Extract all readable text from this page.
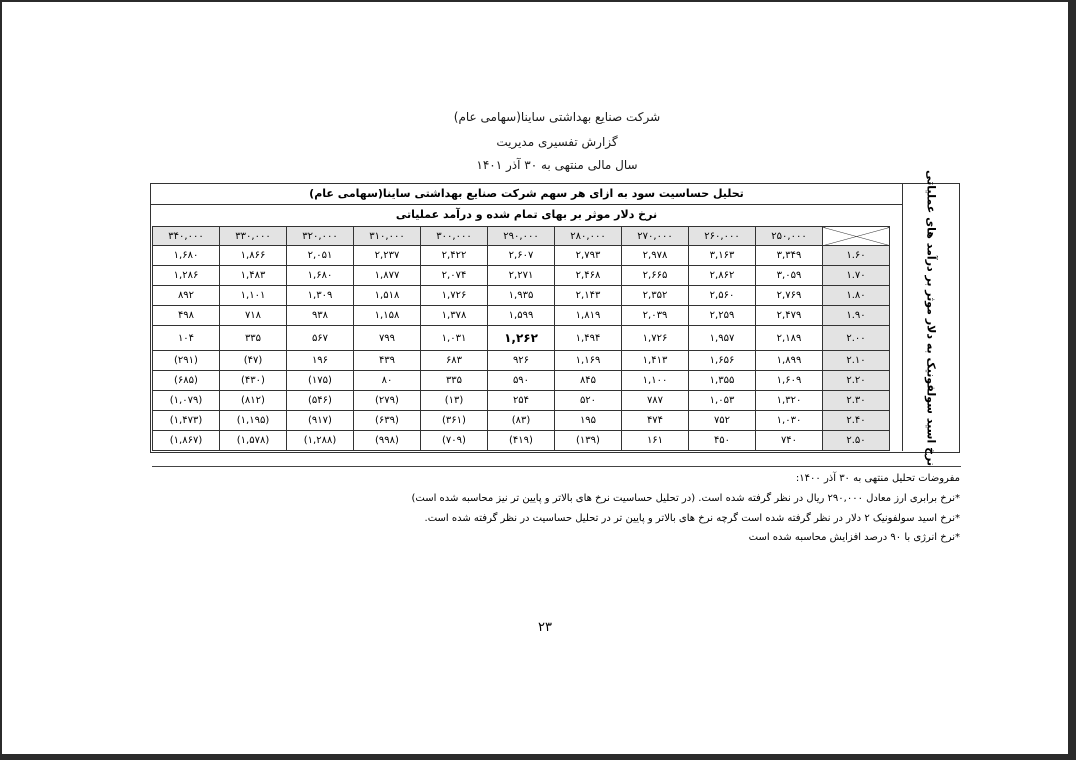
شرکت صنایع بهداشتی ساینا(سهامی عام)
گزارش تفسیری مدیریت
سال مالی منتهی به ۳۰ آذر ۱۴۰۱
نرخ اسید سولفونیک به دلار موثر بر درآمد های عملیاتی
تحلیل حساسیت سود به ازای هر سهم شرکت صنایع بهداشتی ساینا(سهامی عام)
نرخ دلار موثر بر بهای تمام شده و درآمد عملیاتی
۳۴۰,۰۰۰	۳۳۰,۰۰۰	۳۲۰,۰۰۰	۳۱۰,۰۰۰	۳۰۰,۰۰۰	۲۹۰,۰۰۰	۲۸۰,۰۰۰	۲۷۰,۰۰۰	۲۶۰,۰۰۰	۲۵۰,۰۰۰	
۱,۶۸۰	۱,۸۶۶	۲,۰۵۱	۲,۲۳۷	۲,۴۲۲	۲,۶۰۷	۲,۷۹۳	۲,۹۷۸	۳,۱۶۳	۳,۳۴۹	۱.۶۰
۱,۲۸۶	۱,۴۸۳	۱,۶۸۰	۱,۸۷۷	۲,۰۷۴	۲,۲۷۱	۲,۴۶۸	۲,۶۶۵	۲,۸۶۲	۳,۰۵۹	۱.۷۰
۸۹۲	۱,۱۰۱	۱,۳۰۹	۱,۵۱۸	۱,۷۲۶	۱,۹۳۵	۲,۱۴۳	۲,۳۵۲	۲,۵۶۰	۲,۷۶۹	۱.۸۰
۴۹۸	۷۱۸	۹۳۸	۱,۱۵۸	۱,۳۷۸	۱,۵۹۹	۱,۸۱۹	۲,۰۳۹	۲,۲۵۹	۲,۴۷۹	۱.۹۰
۱۰۴	۳۳۵	۵۶۷	۷۹۹	۱,۰۳۱	۱,۲۶۲	۱,۴۹۴	۱,۷۲۶	۱,۹۵۷	۲,۱۸۹	۲.۰۰
(۲۹۱)	(۴۷)	۱۹۶	۴۳۹	۶۸۳	۹۲۶	۱,۱۶۹	۱,۴۱۳	۱,۶۵۶	۱,۸۹۹	۲.۱۰
(۶۸۵)	(۴۳۰)	(۱۷۵)	۸۰	۳۳۵	۵۹۰	۸۴۵	۱,۱۰۰	۱,۳۵۵	۱,۶۰۹	۲.۲۰
(۱,۰۷۹)	(۸۱۲)	(۵۴۶)	(۲۷۹)	(۱۳)	۲۵۴	۵۲۰	۷۸۷	۱,۰۵۳	۱,۳۲۰	۲.۳۰
(۱,۴۷۳)	(۱,۱۹۵)	(۹۱۷)	(۶۳۹)	(۳۶۱)	(۸۳)	۱۹۵	۴۷۴	۷۵۲	۱,۰۳۰	۲.۴۰
(۱,۸۶۷)	(۱,۵۷۸)	(۱,۲۸۸)	(۹۹۸)	(۷۰۹)	(۴۱۹)	(۱۳۹)	۱۶۱	۴۵۰	۷۴۰	۲.۵۰
مفروضات تحلیل منتهی به ۳۰ آذر ۱۴۰۰:
*نرخ برابری ارز معادل ۲۹۰,۰۰۰ ریال در نظر گرفته شده است. (در تحلیل حساسیت نرخ های بالاتر و پایین تر نیز محاسبه شده است)
*نرخ اسید سولفونیک ۲ دلار در نظر گرفته شده است گرچه نرخ های بالاتر و پایین تر در تحلیل حساسیت در نظر گرفته شده است.
*نرخ انرژی با ۹۰ درصد افزایش محاسبه شده است
۲۳
